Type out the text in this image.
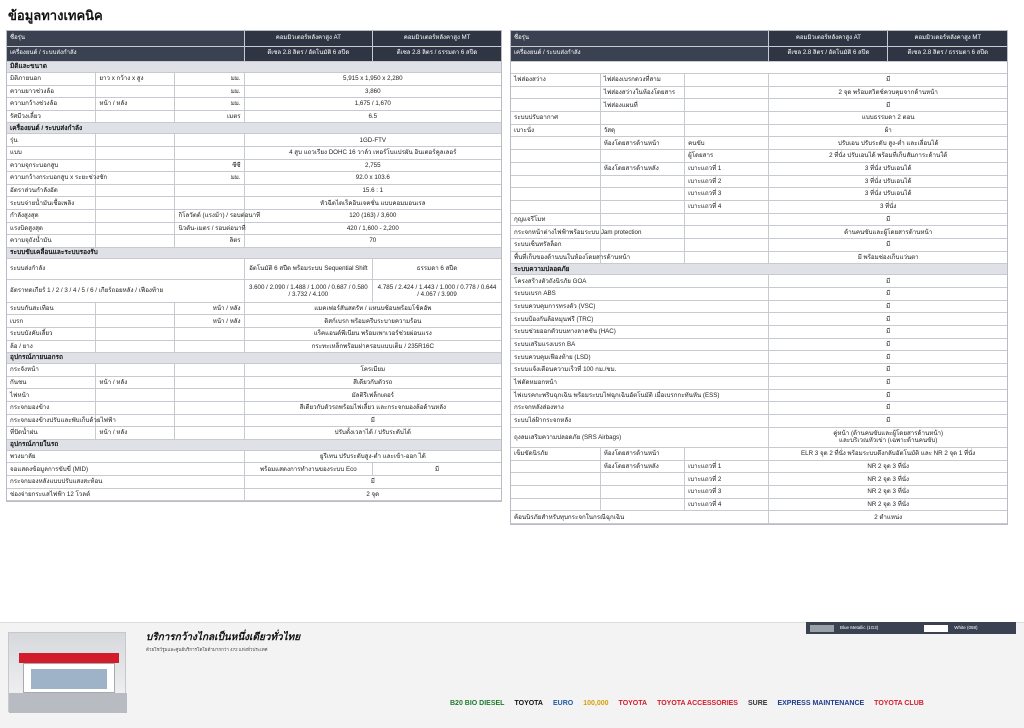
ข้อมูลทางเทคนิค
ชื่อรุ่น	คอมมิวเตอร์หลังคาสูง AT	คอมมิวเตอร์หลังคาสูง MT
เครื่องยนต์ / ระบบส่งกำลัง	ดีเซล 2.8 ลิตร / อัตโนมัติ 6 สปีด	ดีเซล 2.8 ลิตร / ธรรมดา 6 สปีด
มิติและขนาด				
มิติภายนอก	ยาว x กว้าง x สูง	มม.	5,915 x 1,950 x 2,280	
ความยาวช่วงล้อ		มม.	3,860	
ความกว้างช่วงล้อ	หน้า / หลัง	มม.	1,675 / 1,670	
รัศมีวงเลี้ยว		เมตร	6.5	
เครื่องยนต์ / ระบบส่งกำลัง				
รุ่น			1GD-FTV	
แบบ			4 สูบ แถวเรียง DOHC 16 วาล์ว เทอร์โบแปรผัน อินเตอร์คูลเลอร์	
ความจุกระบอกสูบ		ซีซี	2,755	
ความกว้างกระบอกสูบ x ระยะช่วงชัก		มม.	92.0 x 103.6	
อัตราส่วนกำลังอัด			15.6 : 1	
ระบบจ่ายน้ำมันเชื้อเพลิง			หัวฉีดไดเร็คอินเจคชั่น แบบคอมมอนเรล	
กำลังสูงสุด		กิโลวัตต์ (แรงม้า) / รอบต่อนาที	120 (163) / 3,600	
แรงบิดสูงสุด		นิวตัน-เมตร / รอบต่อนาที	420 / 1,600 - 2,200	
ความจุถังน้ำมัน		ลิตร	70	
ระบบขับเคลื่อนและระบบรองรับ				
ระบบส่งกำลัง			อัตโนมัติ 6 สปีด พร้อมระบบ Sequential Shift	ธรรมดา 6 สปีด
อัตราทดเกียร์ 1 / 2 / 3 / 4 / 5 / 6 / เกียร์ถอยหลัง / เฟืองท้าย			3.600 / 2.090 / 1.488 / 1.000 / 0.687 / 0.580 / 3.732 / 4.100	4.785 / 2.424 / 1.443 / 1.000 / 0.778 / 0.644 / 4.067 / 3.909
ระบบกันสะเทือน		หน้า / หลัง	แมคเฟอร์สันสตรัท / แหนบซ้อนพร้อมโช้คอัพ	
เบรก		หน้า / หลัง	ดิสก์เบรก พร้อมครีบระบายความร้อน	
ระบบบังคับเลี้ยว			แร็คแอนด์พีเนียน พร้อมเพาเวอร์ช่วยผ่อนแรง	
ล้อ / ยาง			กระทะเหล็กพร้อมฝาครอบแบบเต็ม / 235R16C	
อุปกรณ์ภายนอกรถ				
กระจังหน้า			โครเมียม	
กันชน	หน้า / หลัง		สีเดียวกับตัวรถ	
ไฟหน้า			มัลติรีเฟล็กเตอร์	
กระจกมองข้าง			สีเดียวกับตัวรถพร้อมไฟเลี้ยว และกระจกมองล้อด้านหลัง	
กระจกมองข้างปรับและพับเก็บด้วยไฟฟ้า			มี	
ที่ปัดน้ำฝน	หน้า / หลัง		ปรับตั้งเวลาได้ / ปรับระดับได้	
อุปกรณ์ภายในรถ				
พวงมาลัย			ยูรีเทน ปรับระดับสูง-ต่ำ และเข้า-ออก ได้	
จอแสดงข้อมูลการขับขี่ (MID)			พร้อมแสดงการทำงานของระบบ Eco	มี
กระจกมองหลังแบบปรับแสงสะท้อน			มี	
ช่องจ่ายกระแสไฟฟ้า 12 โวลต์			2 จุด	
ชื่อรุ่น	คอมมิวเตอร์หลังคาสูง AT	คอมมิวเตอร์หลังคาสูง MT
เครื่องยนต์ / ระบบส่งกำลัง	ดีเซล 2.8 ลิตร / อัตโนมัติ 6 สปีด	ดีเซล 2.8 ลิตร / ธรรมดา 6 สปีด

ไฟส่องสว่าง	ไฟส่องเบรกดวงที่สาม		มี
	ไฟส่องสว่างในห้องโดยสาร		2 จุด พร้อมสวิตช์ควบคุมจากด้านหน้า
	ไฟส่องแผนที่		มี
ระบบปรับอากาศ			แบบธรรมดา 2 ตอน
เบาะนั่ง	วัสดุ		ผ้า
	ห้องโดยสารด้านหน้า	คนขับ	ปรับเอน ปรับระดับ สูง-ต่ำ และเลื่อนได้
		ผู้โดยสาร	2 ที่นั่ง ปรับเอนได้ พร้อมที่เก็บสัมภาระด้านใต้
	ห้องโดยสารด้านหลัง	เบาะแถวที่ 1	3 ที่นั่ง ปรับเอนได้
		เบาะแถวที่ 2	3 ที่นั่ง ปรับเอนได้
		เบาะแถวที่ 3	3 ที่นั่ง ปรับเอนได้
		เบาะแถวที่ 4	3 ที่นั่ง
กุญแจรีโมท			มี
กระจกหน้าต่างไฟฟ้าพร้อมระบบ Jam protection			ด้านคนขับและผู้โดยสารด้านหน้า
ระบบเซ็นทรัลล็อก			มี
พื้นที่เก็บของด้านบนในห้องโดยสารด้านหน้า			มี พร้อมช่องเก็บแว่นตา
ระบบความปลอดภัย			
โครงสร้างตัวถังนิรภัย GOA			มี
ระบบเบรก ABS			มี
ระบบควบคุมการทรงตัว (VSC)			มี
ระบบป้องกันล้อหมุนฟรี (TRC)			มี
ระบบช่วยออกตัวบนทางลาดชัน (HAC)			มี
ระบบเสริมแรงเบรก BA			มี
ระบบควบคุมเฟืองท้าย (LSD)			มี
ระบบแจ้งเตือนความเร็วที่ 100 กม./ชม.			มี
ไฟตัดหมอกหน้า			มี
ไฟเบรคกะพริบฉุกเฉิน พร้อมระบบไฟฉุกเฉินอัตโนมัติ เมื่อเบรกกะทันหัน (ESS)			มี
กระจกหลังส่องทาง			มี
ระบบไล่ฝ้ากระจกหลัง			มี
ถุงลมเสริมความปลอดภัย (SRS Airbags)			คู่หน้า (ด้านคนขับและผู้โดยสารด้านหน้า)
และบริเวณหัวเข่า (เฉพาะด้านคนขับ)

เข็มขัดนิรภัย	ห้องโดยสารด้านหน้า		ELR 3 จุด 2 ที่นั่ง พร้อมระบบดึงกลับอัตโนมัติ และ NR 2 จุด 1 ที่นั่ง
	ห้องโดยสารด้านหลัง	เบาะแถวที่ 1	NR 2 จุด 3 ที่นั่ง
		เบาะแถวที่ 2	NR 2 จุด 3 ที่นั่ง
		เบาะแถวที่ 3	NR 2 จุด 3 ที่นั่ง
		เบาะแถวที่ 4	NR 2 จุด 3 ที่นั่ง
ค้อนนิรภัยสำหรับทุบกระจกในกรณีฉุกเฉิน			2 ตำแหน่ง
Blue Metallic (1G3)	White (058)
บริการกว้างไกลเป็นหนึ่งเดียวทั่วไทย
ด้วยโชว์รูมและศูนย์บริการโตโยต้ามากกว่า 472 แห่งทั่วประเทศ
B20 BIO DIESEL TOYOTA EURO 100,000 TOYOTA TOYOTA ACCESSORIES SURE EXPRESS MAINTENANCE TOYOTA CLUB
